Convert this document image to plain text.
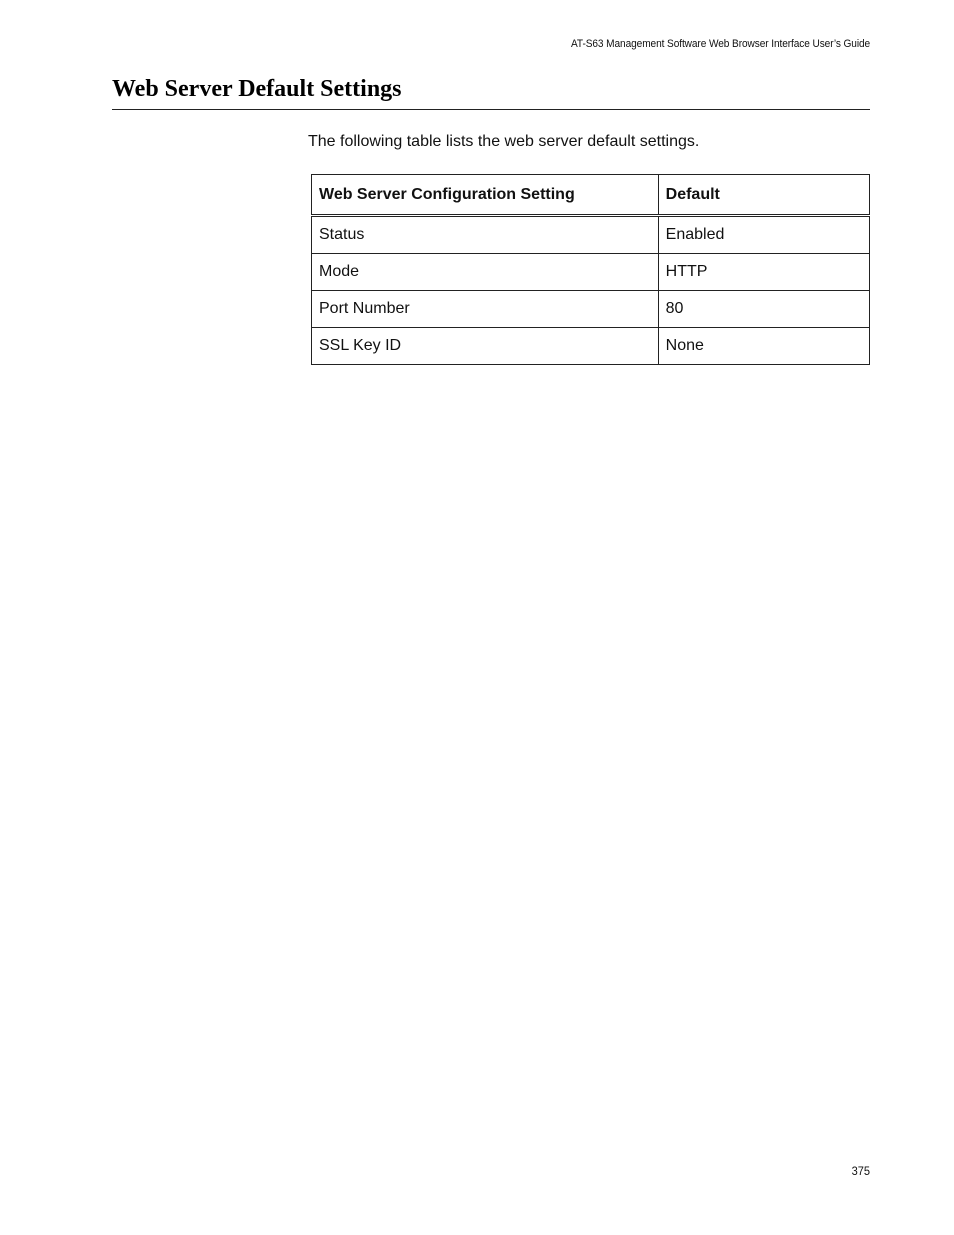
AT-S63 Management Software Web Browser Interface User’s Guide
Web Server Default Settings

The following table lists the web server default settings.

Web Server Configuration Setting	Default
Status	Enabled
Mode	HTTP
Port Number	80
SSL Key ID	None
375
